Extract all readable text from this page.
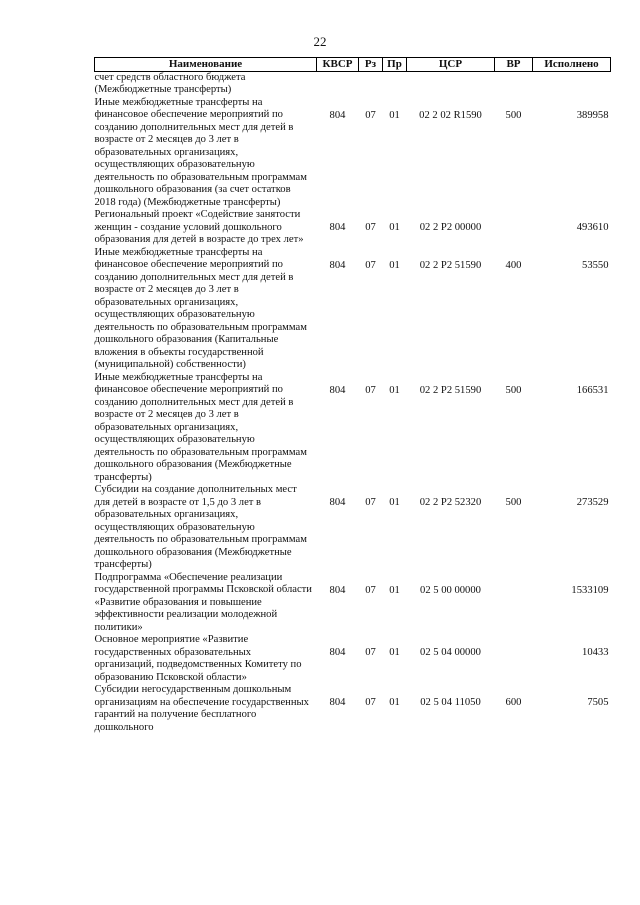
22
Наименование	КВСР	Рз	Пр	ЦСР	ВР	Исполнено
счет средств областного бюджета (Межбюджетные трансферты)						
Иные межбюджетные трансферты на финансовое обеспечение мероприятий по созданию дополнительных мест для детей в возрасте от 2 месяцев до 3 лет в образовательных организациях, осуществляющих образовательную деятельность по образовательным программам дошкольного образования (за счет остатков 2018 года) (Межбюджетные трансферты)	804	07	01	02 2 02 R1590	500	389958
Региональный проект «Содействие занятости женщин - создание условий дошкольного образования для детей в возрасте до трех лет»	804	07	01	02 2 P2 00000		493610
Иные межбюджетные трансферты на финансовое обеспечение мероприятий по созданию дополнительных мест для детей в возрасте от 2 месяцев до 3 лет в образовательных организациях, осуществляющих образовательную деятельность по образовательным программам дошкольного образования (Капитальные вложения в объекты государственной (муниципальной) собственности)	804	07	01	02 2 P2 51590	400	53550
Иные межбюджетные трансферты на финансовое обеспечение мероприятий по созданию дополнительных мест для детей в возрасте от 2 месяцев до 3 лет в образовательных организациях, осуществляющих образовательную деятельность по образовательным программам дошкольного образования (Межбюджетные трансферты)	804	07	01	02 2 P2 51590	500	166531
Субсидии на создание дополнительных мест для детей в возрасте от 1,5 до 3 лет в образовательных организациях, осуществляющих образовательную деятельность по образовательным программам дошкольного образования (Межбюджетные трансферты)	804	07	01	02 2 P2 52320	500	273529
Подпрограмма «Обеспечение реализации государственной программы Псковской области «Развитие образования и повышение эффективности реализации молодежной политики»	804	07	01	02 5 00 00000		1533109
Основное мероприятие «Развитие государственных образовательных организаций, подведомственных Комитету по образованию Псковской области»	804	07	01	02 5 04 00000		10433
Субсидии негосударственным дошкольным организациям на обеспечение государственных гарантий на получение бесплатного дошкольного	804	07	01	02 5 04 11050	600	7505
